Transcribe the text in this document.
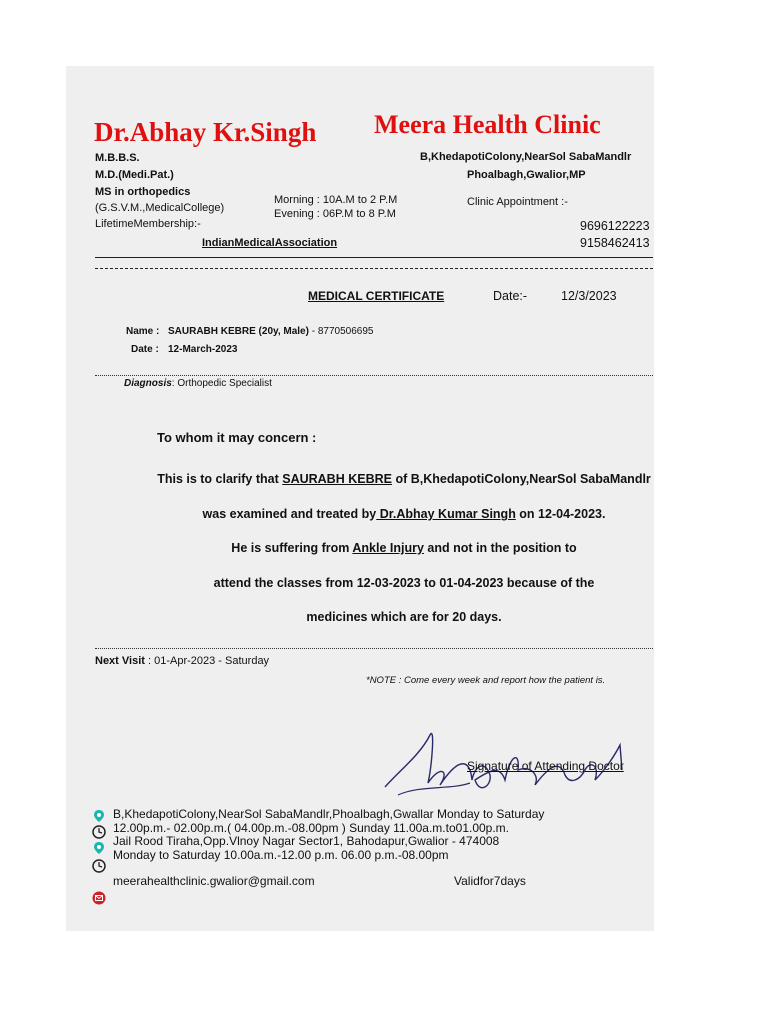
Dr.Abhay Kr.Singh
M.B.B.S.
M.D.(Medi.Pat.)
MS in orthopedics
(G.S.V.M.,MedicalCollege)
LifetimeMembership:-
IndianMedicalAssociation
Morning : 10A.M to 2 P.M
Evening : 06P.M to 8 P.M
Meera Health Clinic
B,KhedapotiColony,NearSol SabaMandlr
Phoalbagh,Gwalior,MP
Clinic Appointment :-
9696122223
9158462413
MEDICAL CERTIFICATE	Date:-	12/3/2023
Name : SAURABH KEBRE (20y, Male) - 8770506695
Date : 12-March-2023
Diagnosis: Orthopedic Specialist
To whom it may concern :
This is to clarify that SAURABH KEBRE of B,KhedapotiColony,NearSol SabaMandlr
was examined and treated by Dr.Abhay Kumar Singh on 12-04-2023.
He is suffering from Ankle Injury and not in the position to
attend the classes from 12-03-2023 to 01-04-2023 because of the
medicines which are for 20 days.
Next Visit : 01-Apr-2023 - Saturday
*NOTE : Come every week and report how the patient is.
Signature of Attending Doctor
B,KhedapotiColony,NearSol SabaMandlr,Phoalbagh,Gwallar Monday to Saturday
12.00p.m.- 02.00p.m.( 04.00p.m.-08.00pm ) Sunday 11.00a.m.to01.00p.m.
Jail Rood Tiraha,Opp.Vlnoy Nagar Sector1, Bahodapur,Gwalior - 474008
Monday to Saturday 10.00a.m.-12.00 p.m. 06.00 p.m.-08.00pm
meerahealthclinic.gwalior@gmail.com	Validfor7days
